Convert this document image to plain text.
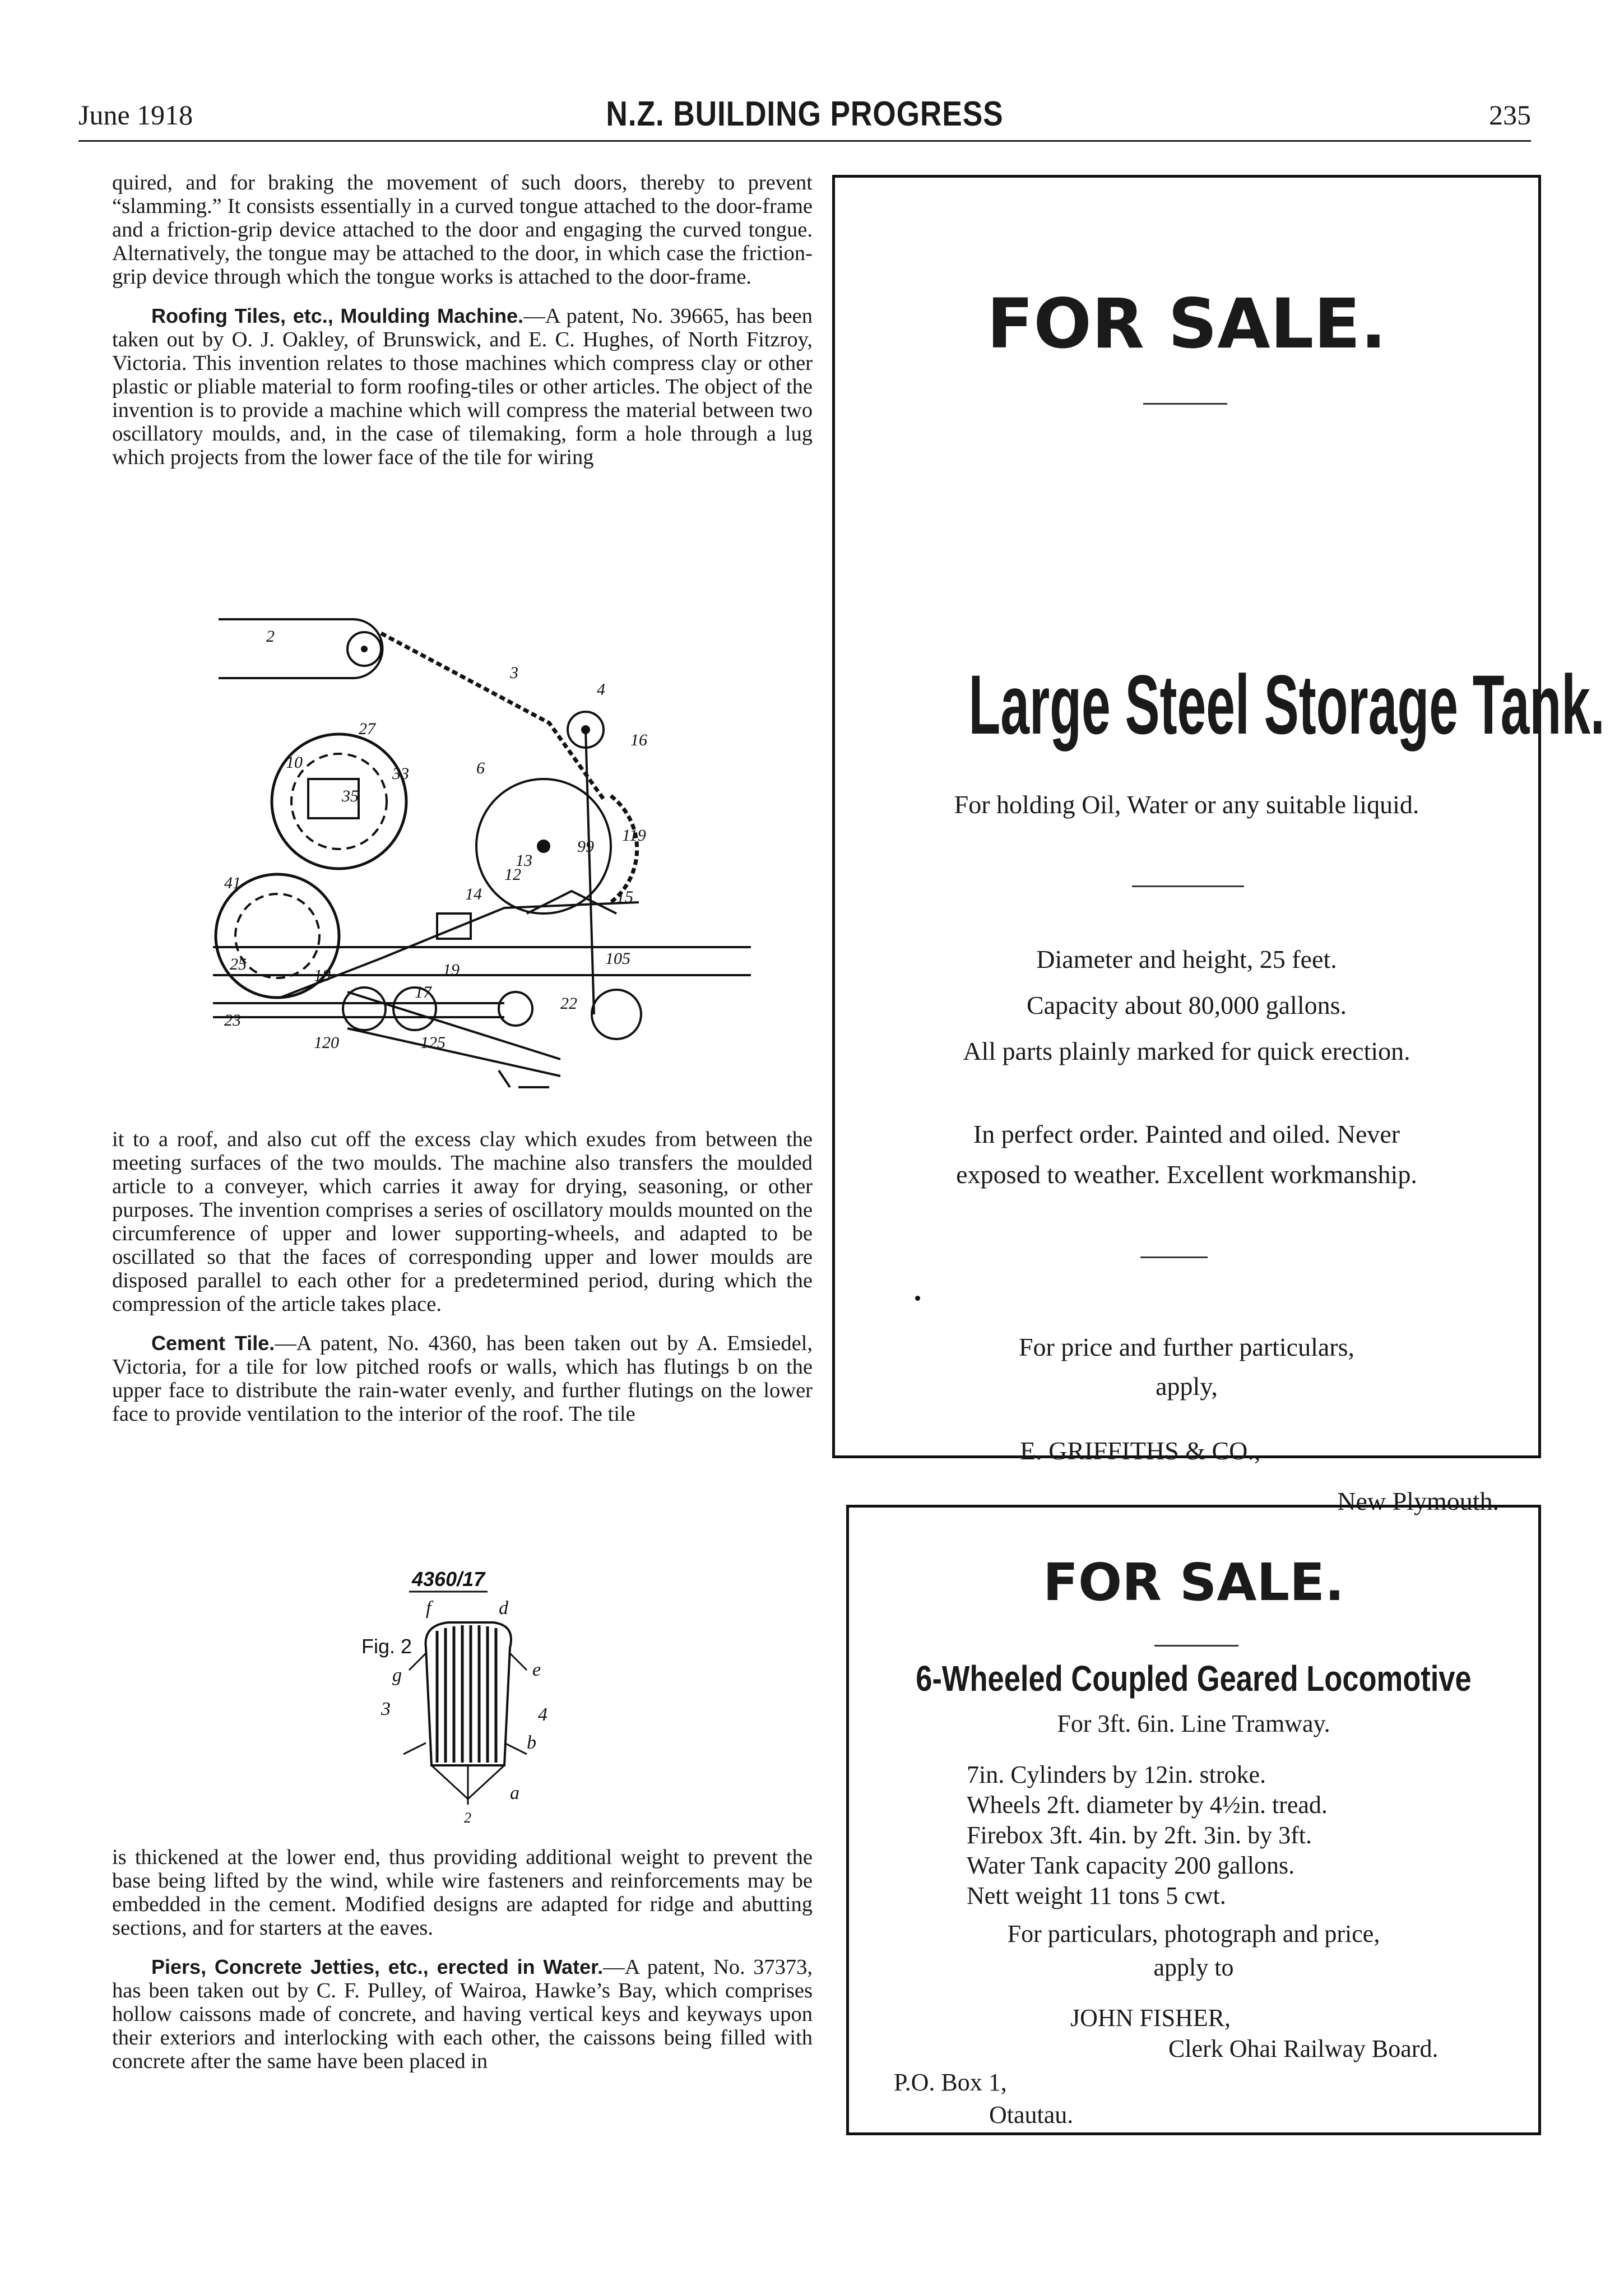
June 1918	N.Z. BUILDING PROGRESS	235

quired, and for braking the movement of such doors, thereby to prevent “slamming.” It consists essentially in a curved tongue attached to the door-frame and a friction-grip device attached to the door and engaging the curved tongue. Alternatively, the tongue may be attached to the door, in which case the friction-grip device through which the tongue works is attached to the door-frame.

Roofing Tiles, etc., Moulding Machine.—A patent, No. 39665, has been taken out by O. J. Oakley, of Brunswick, and E. C. Hughes, of North Fitzroy, Victoria. This invention relates to those machines which compress clay or other plastic or pliable material to form roofing-tiles or other articles. The object of the invention is to provide a machine which will compress the material between two oscillatory moulds, and, in the case of tilemaking, form a hole through a lug which projects from the lower face of the tile for wiring

2
3
4
6
27
10
12
13
14	15
16
17
18	19
22
23
25
33
35
41
99
105
119
125
120

it to a roof, and also cut off the excess clay which exudes from between the meeting surfaces of the two moulds. The machine also transfers the moulded article to a conveyer, which carries it away for drying, seasoning, or other purposes. The invention comprises a series of oscillatory moulds mounted on the circumference of upper and lower supporting-wheels, and adapted to be oscillated so that the faces of corresponding upper and lower moulds are disposed parallel to each other for a predetermined period, during which the compression of the article takes place.

Cement Tile.—A patent, No. 4360, has been taken out by A. Emsiedel, Victoria, for a tile for low pitched roofs or walls, which has flutings b on the upper face to distribute the rain-water evenly, and further flutings on the lower face to provide ventilation to the interior of the roof. The tile

4360/17
Fig. 2
f	d
g	e
3	4
b
a
2

is thickened at the lower end, thus providing additional weight to prevent the base being lifted by the wind, while wire fasteners and reinforcements may be embedded in the cement. Modified designs are adapted for ridge and abutting sections, and for starters at the eaves.

Piers, Concrete Jetties, etc., erected in Water.—A patent, No. 37373, has been taken out by C. F. Pulley, of Wairoa, Hawke’s Bay, which comprises hollow caissons made of concrete, and having vertical keys and keyways upon their exteriors and interlocking with each other, the caissons being filled with concrete after the same have been placed in

FOR SALE.
Large Steel Storage Tank.
For holding Oil, Water or any suitable liquid.
Diameter and height, 25 feet.
Capacity about 80,000 gallons.
All parts plainly marked for quick erection.
In perfect order. Painted and oiled. Never
exposed to weather. Excellent workmanship.
For price and further particulars,
apply,
E. GRIFFITHS & CO.,
New Plymouth.
FOR SALE.
6-Wheeled Coupled Geared Locomotive
For 3ft. 6in. Line Tramway.
7in. Cylinders by 12in. stroke.
Wheels 2ft. diameter by 4½in. tread.
Firebox 3ft. 4in. by 2ft. 3in. by 3ft.
Water Tank capacity 200 gallons.
Nett weight 11 tons 5 cwt.
For particulars, photograph and price,
apply to
JOHN FISHER,
Clerk Ohai Railway Board.
P.O. Box 1,
Otautau.
